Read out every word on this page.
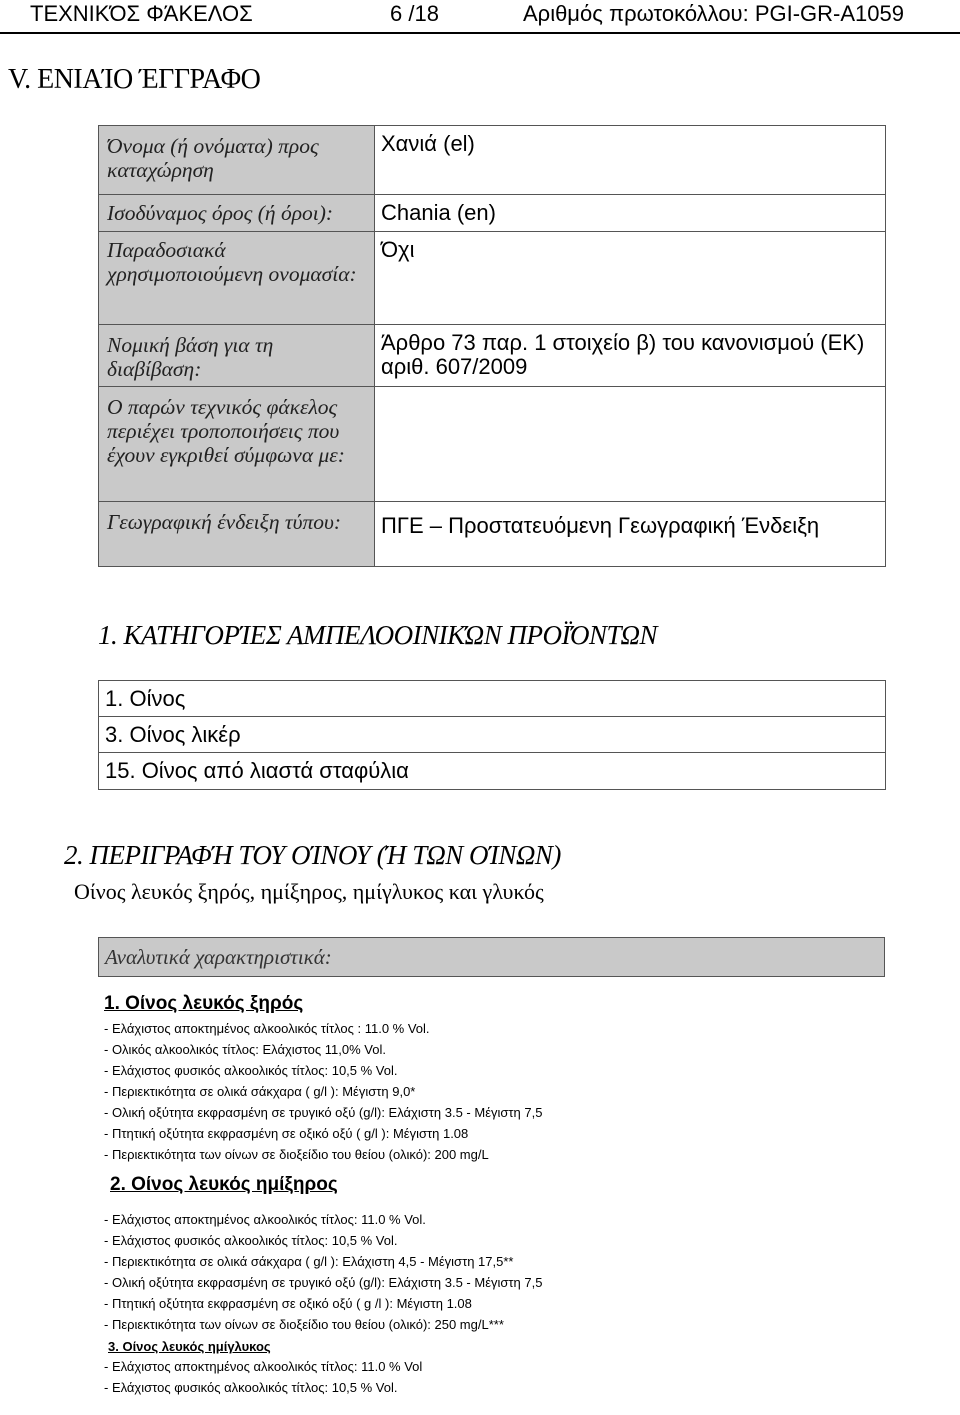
ΤΕΧΝΙΚΌΣ ΦΆΚΕΛΟΣ	6 /18	Αριθμός πρωτοκόλλου: PGI-GR-A1059
V. ΕΝΙΑΊΟ ΈΓΓΡΑΦΟ
Όνομα (ή ονόματα) προς καταχώρηση	Χανιά (el)
Ισοδύναμος όρος (ή όροι):	Chania (en)
Παραδοσιακά χρησιμοποιούμενη ονομασία:	Όχι
Νομική βάση για τη διαβίβαση:	Άρθρο 73 παρ. 1 στοιχείο β) του κανονισμού (ΕΚ) αριθ. 607/2009
Ο παρών τεχνικός φάκελος περιέχει τροποποιήσεις που έχουν εγκριθεί σύμφωνα με:	
Γεωγραφική ένδειξη τύπου:	ΠΓΕ – Προστατευόμενη Γεωγραφική Ένδειξη
1. ΚΑΤΗΓΟΡΊΕΣ ΑΜΠΕΛΟΟΙΝΙΚΏΝ ΠΡΟΪΌΝΤΩΝ
1. Οίνος
3. Οίνος λικέρ
15. Οίνος από λιαστά σταφύλια
2. ΠΕΡΙΓΡΑΦΉ ΤΟΥ ΟΊΝΟΥ (Ή ΤΩΝ ΟΊΝΩΝ)
Οίνος λευκός ξηρός, ημίξηρος, ημίγλυκος και γλυκός
Αναλυτικά χαρακτηριστικά:
1. Οίνος λευκός ξηρός
- Ελάχιστος αποκτημένος αλκοολικός τίτλος : 11.0 % Vol.
- Ολικός αλκοολικός τίτλος: Ελάχιστος 11,0% Vol.
- Ελάχιστος φυσικός αλκοολικός τίτλος: 10,5 % Vol.
- Περιεκτικότητα σε ολικά σάκχαρα ( g/l ): Μέγιστη 9,0*
- Ολική οξύτητα εκφρασμένη σε τρυγικό οξύ (g/l): Ελάχιστη 3.5 - Μέγιστη 7,5
- Πτητική οξύτητα εκφρασμένη σε οξικό οξύ ( g/l ): Μέγιστη 1.08
- Περιεκτικότητα των οίνων σε διοξείδιο του θείου (ολικό): 200 mg/L
2. Οίνος λευκός ημίξηρος
- Ελάχιστος αποκτημένος αλκοολικός τίτλος: 11.0 % Vol.
- Ελάχιστος φυσικός αλκοολικός τίτλος: 10,5 % Vol.
- Περιεκτικότητα σε ολικά σάκχαρα ( g/l ): Ελάχιστη 4,5 - Μέγιστη 17,5**
- Ολική οξύτητα εκφρασμένη σε τρυγικό οξύ (g/l): Ελάχιστη 3.5 - Μέγιστη 7,5
- Πτητική οξύτητα εκφρασμένη σε οξικό οξύ ( g /l ): Μέγιστη 1.08
- Περιεκτικότητα των οίνων σε διοξείδιο του θείου (ολικό): 250 mg/L***
3. Οίνος λευκός ημίγλυκος
- Ελάχιστος αποκτημένος αλκοολικός τίτλος: 11.0 % Vol
- Ελάχιστος φυσικός αλκοολικός τίτλος: 10,5 % Vol.
